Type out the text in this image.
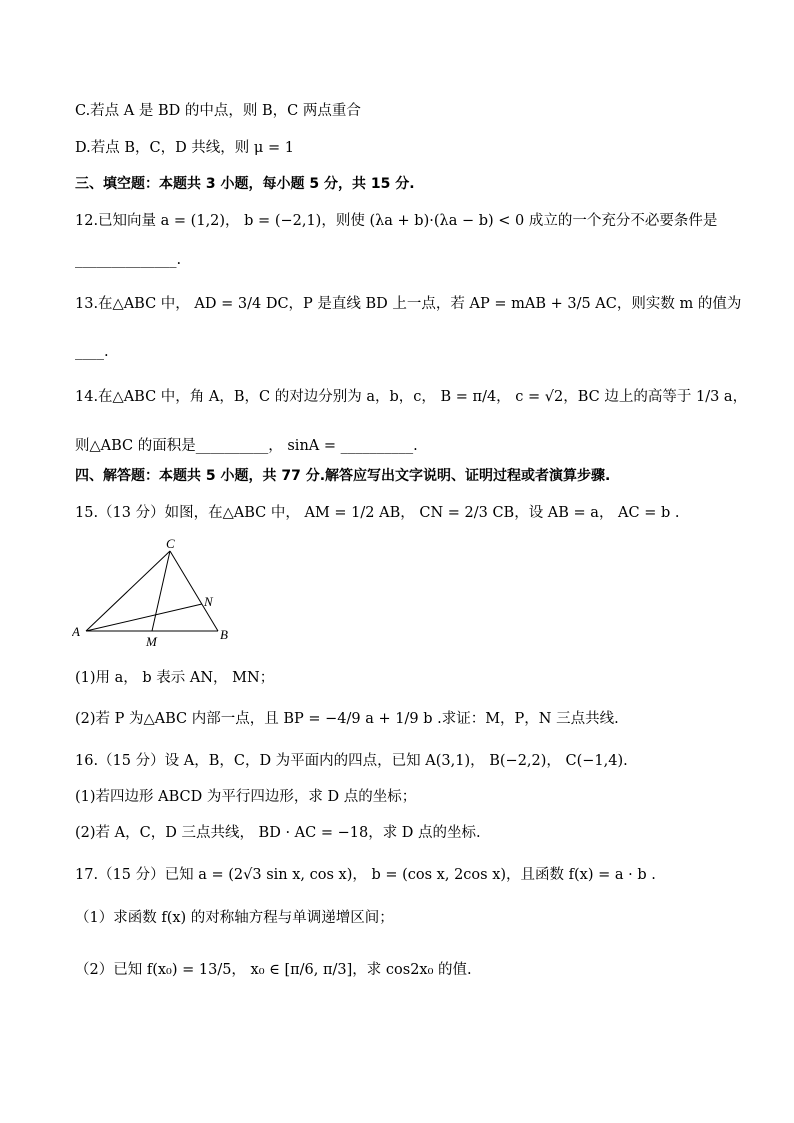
C.若点 A 是 BD 的中点，则 B，C 两点重合
D.若点 B，C，D 共线，则 μ = 1
三、填空题：本题共 3 小题，每小题 5 分，共 15 分.
12.已知向量 a = (1,2)， b = (−2,1)，则使 (λa + b)·(λa − b) < 0 成立的一个充分不必要条件是
______________.
13.在△ABC 中， AD = 3/4 DC，P 是直线 BD 上一点，若 AP = mAB + 3/5 AC，则实数 m 的值为
____.
14.在△ABC 中，角 A，B，C 的对边分别为 a，b，c， B = π/4， c = √2，BC 边上的高等于 1/3 a，
则△ABC 的面积是__________， sinA = __________.
四、解答题：本题共 5 小题，共 77 分.解答应写出文字说明、证明过程或者演算步骤.
15.（13 分）如图，在△ABC 中， AM = 1/2 AB， CN = 2/3 CB，设 AB = a， AC = b .
A	B
C
M
N
(1)用 a， b 表示 AN， MN；
(2)若 P 为△ABC 内部一点，且 BP = −4/9 a + 1/9 b .求证：M，P，N 三点共线.
16.（15 分）设 A，B，C，D 为平面内的四点，已知 A(3,1)， B(−2,2)， C(−1,4).
(1)若四边形 ABCD 为平行四边形，求 D 点的坐标；
(2)若 A，C，D 三点共线， BD · AC = −18，求 D 点的坐标.
17.（15 分）已知 a = (2√3 sin x, cos x)， b = (cos x, 2cos x)，且函数 f(x) = a · b .
（1）求函数 f(x) 的对称轴方程与单调递增区间；
（2）已知 f(x₀) = 13/5， x₀ ∈ [π/6, π/3]，求 cos2x₀ 的值.
